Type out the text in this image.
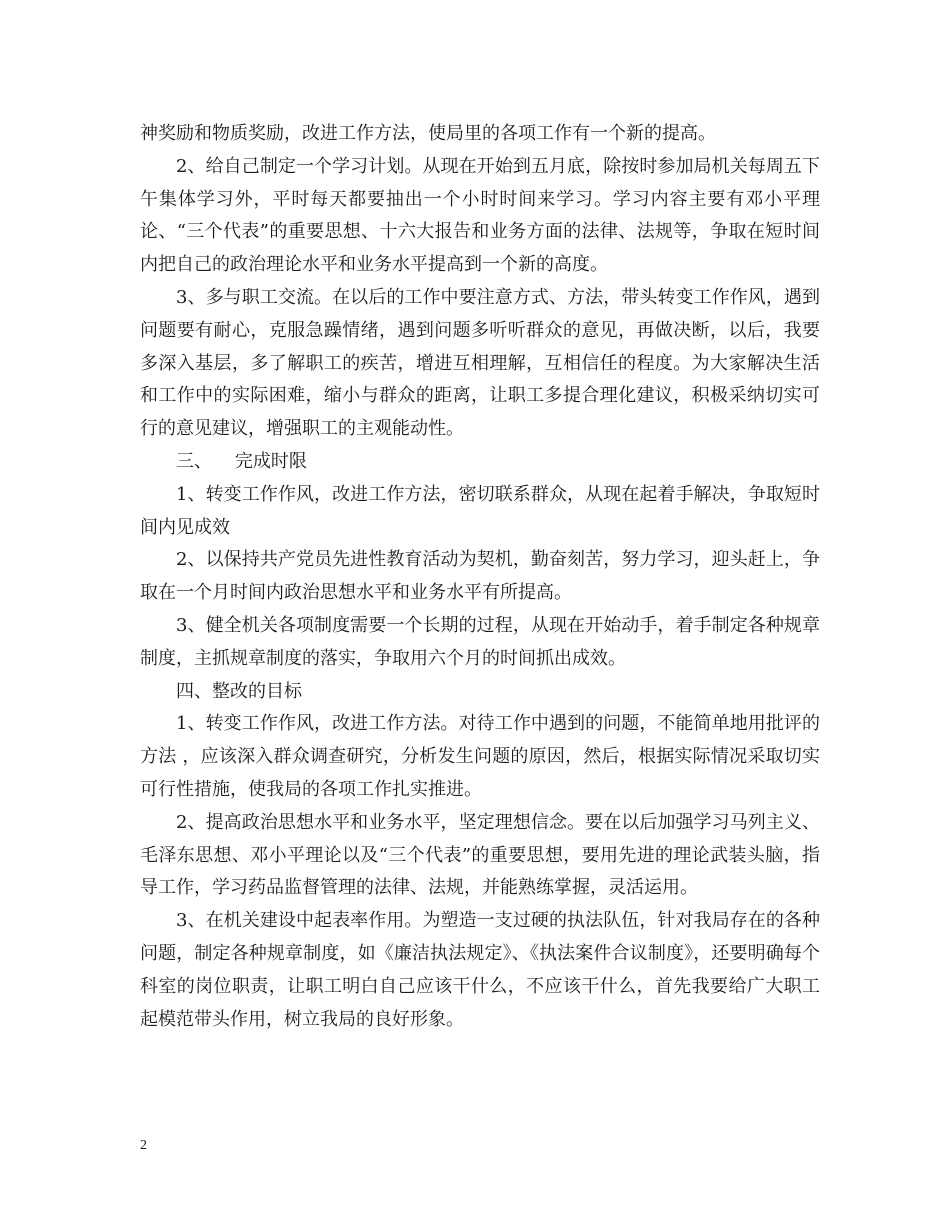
神奖励和物质奖励，改进工作方法，使局里的各项工作有一个新的提高。

2、给自己制定一个学习计划。从现在开始到五月底，除按时参加局机关每周五下午集体学习外，平时每天都要抽出一个小时时间来学习。学习内容主要有邓小平理论、“三个代表”的重要思想、十六大报告和业务方面的法律、法规等，争取在短时间内把自己的政治理论水平和业务水平提高到一个新的高度。

3、多与职工交流。在以后的工作中要注意方式、方法，带头转变工作作风，遇到问题要有耐心，克服急躁情绪，遇到问题多听听群众的意见，再做决断，以后，我要多深入基层，多了解职工的疾苦，增进互相理解，互相信任的程度。为大家解决生活和工作中的实际困难，缩小与群众的距离，让职工多提合理化建议，积极采纳切实可行的意见建议，增强职工的主观能动性。

三、    完成时限

1、转变工作作风，改进工作方法，密切联系群众，从现在起着手解决，争取短时间内见成效

2、以保持共产党员先进性教育活动为契机，勤奋刻苦，努力学习，迎头赶上，争取在一个月时间内政治思想水平和业务水平有所提高。

3、健全机关各项制度需要一个长期的过程，从现在开始动手，着手制定各种规章制度，主抓规章制度的落实，争取用六个月的时间抓出成效。

四、整改的目标

1、转变工作作风，改进工作方法。对待工作中遇到的问题，不能简单地用批评的方法 ，应该深入群众调查研究，分析发生问题的原因，然后，根据实际情况采取切实可行性措施，使我局的各项工作扎实推进。

2、提高政治思想水平和业务水平，坚定理想信念。要在以后加强学习马列主义、毛泽东思想、邓小平理论以及“三个代表”的重要思想，要用先进的理论武装头脑，指导工作，学习药品监督管理的法律、法规，并能熟练掌握，灵活运用。

3、在机关建设中起表率作用。为塑造一支过硬的执法队伍，针对我局存在的各种问题，制定各种规章制度，如《廉洁执法规定》、《执法案件合议制度》，还要明确每个科室的岗位职责，让职工明白自己应该干什么，不应该干什么，首先我要给广大职工起模范带头作用，树立我局的良好形象。

2
